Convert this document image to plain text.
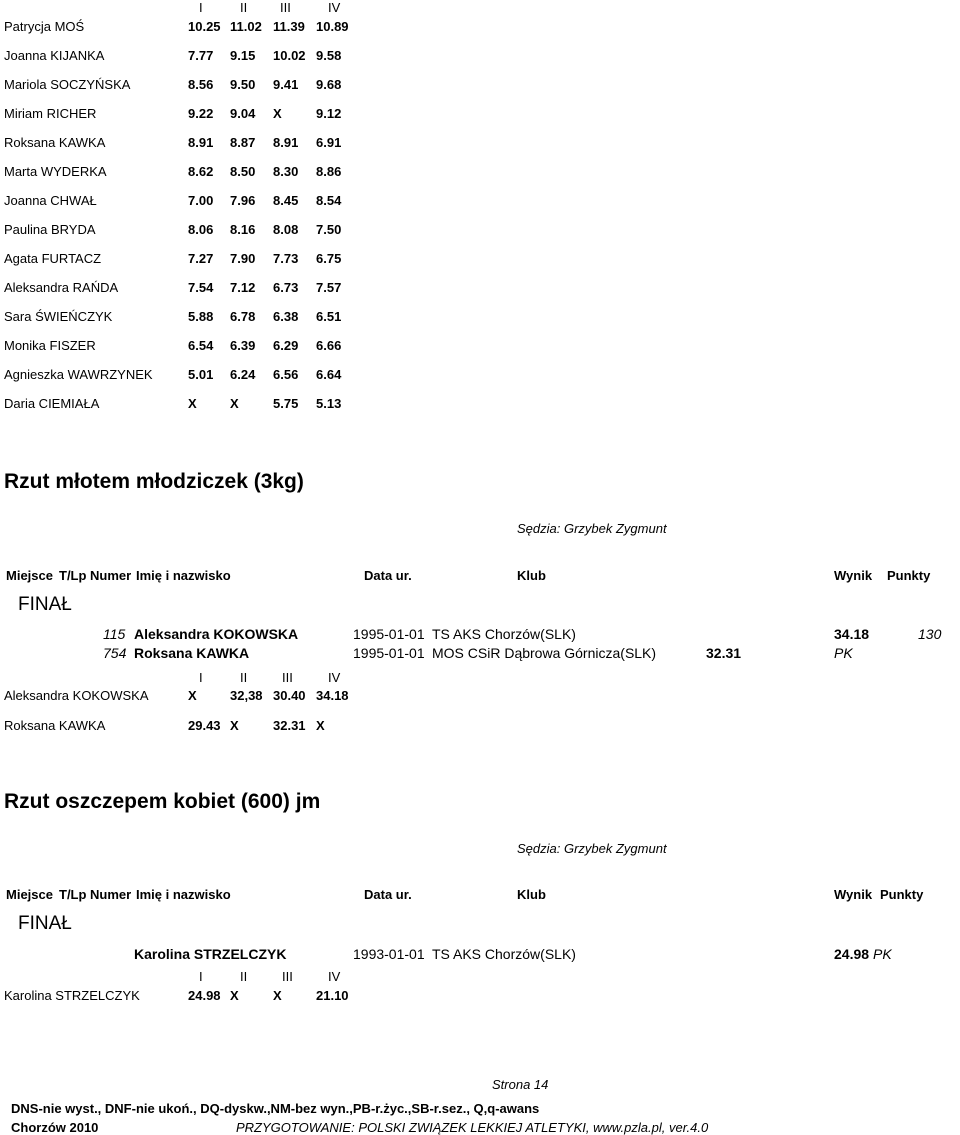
I	II	III	IV
Patrycja MOŚ	10.25 11.02 11.39 10.89
Joanna KIJANKA	7.77 9.15 10.02 9.58
Mariola SOCZYŃSKA	8.56 9.50 9.41 9.68
Miriam RICHER	9.22 9.04 X	9.12
Roksana KAWKA	8.91 8.87 8.91 6.91
Marta WYDERKA	8.62 8.50 8.30 8.86
Joanna CHWAŁ	7.00 7.96 8.45 8.54
Paulina BRYDA	8.06 8.16 8.08 7.50
Agata FURTACZ	7.27 7.90 7.73 6.75
Aleksandra RAŃDA	7.54 7.12 6.73 7.57
Sara ŚWIEŃCZYK	5.88 6.78 6.38 6.51
Monika FISZER	6.54 6.39 6.29 6.66
Agnieszka WAWRZYNEK	5.01 6.24 6.56 6.64
Daria CIEMIAŁA	X	X	5.75 5.13
Rzut młotem młodziczek (3kg)
Sędzia: Grzybek Zygmunt
Miejsce T/Lp Numer Imię i nazwisko	Data ur.	Klub	Wynik Punkty
FINAŁ
115 Aleksandra KOKOWSKA	1995-01-01 TS AKS Chorzów(SLK)	34.18	130
754 Roksana KAWKA	1995-01-01 MOS CSiR Dąbrowa Górnicza(SLK)	32.31	PK
I	II	III	IV
Aleksandra KOKOWSKA	X	32,38 30.40 34.18
Roksana KAWKA	29.43 X	32.31 X
Rzut oszczepem kobiet (600) jm
Sędzia: Grzybek Zygmunt
Miejsce T/Lp Numer Imię i nazwisko	Data ur.	Klub	Wynik Punkty
FINAŁ
Karolina STRZELCZYK	1993-01-01 TS AKS Chorzów(SLK)	24.98 PK
I	II	III	IV
Karolina STRZELCZYK	24.98 X	X	21.10
Strona 14
DNS-nie wyst., DNF-nie ukoń., DQ-dyskw.,NM-bez wyn.,PB-r.życ.,SB-r.sez., Q,q-awans
Chorzów 2010	PRZYGOTOWANIE: POLSKI ZWIĄZEK LEKKIEJ ATLETYKI, www.pzla.pl, ver.4.0
